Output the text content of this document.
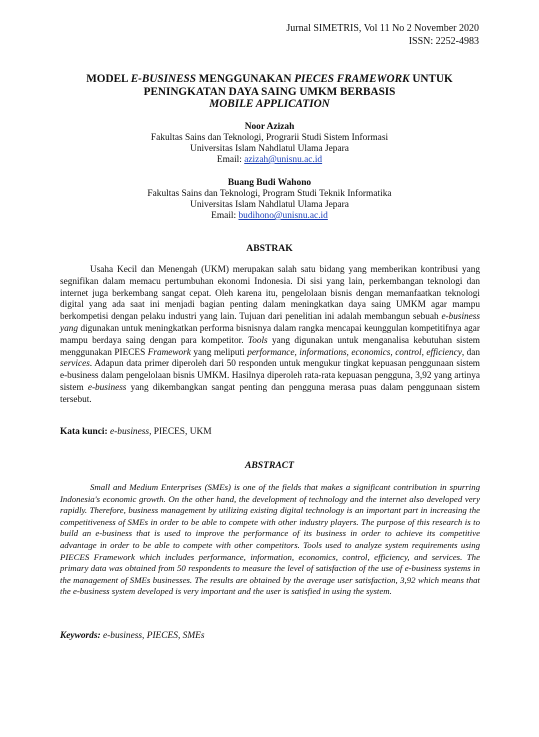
Jurnal SIMETRIS, Vol 11 No 2 November 2020
ISSN: 2252-4983
MODEL E-BUSINESS MENGGUNAKAN PIECES FRAMEWORK UNTUK
PENINGKATAN DAYA SAING UMKM BERBASIS
MOBILE APPLICATION
Noor Azizah
Fakultas Sains dan Teknologi, Prograrii Studi Sistem Informasi
Universitas Islam Nahdlatul Ulama Jepara
Email: azizah@unisnu.ac.id
Buang Budi Wahono
Fakultas Sains dan Teknologi, Program Studi Teknik Informatika
Universitas Islam Nahdlatul Ulama Jepara
Email: budihono@unisnu.ac.id
ABSTRAK
Usaha Kecil dan Menengah (UKM) merupakan salah satu bidang yang memberikan kontribusi yang segnifikan dalam memacu pertumbuhan ekonomi Indonesia. Di sisi yang lain, perkembangan teknologi dan internet juga berkembang sangat cepat. Oleh karena itu, pengelolaan bisnis dengan memanfaatkan teknologi digital yang ada saat ini menjadi bagian penting dalam meningkatkan daya saing UMKM agar mampu berkompetisi dengan pelaku industri yang lain. Tujuan dari penelitian ini adalah membangun sebuah e-business yang digunakan untuk meningkatkan performa bisnisnya dalam rangka mencapai keunggulan kompetitifnya agar mampu berdaya saing dengan para kompetitor. Tools yang digunakan untuk menganalisa kebutuhan sistem menggunakan PIECES Framework yang meliputi performance, informations, economics, control, efficiency, dan services. Adapun data primer diperoleh dari 50 responden untuk mengukur tingkat kepuasan penggunaan sistem e-business dalam pengelolaan bisnis UMKM. Hasilnya diperoleh rata-rata kepuasan pengguna, 3,92 yang artinya sistem e-business yang dikembangkan sangat penting dan pengguna merasa puas dalam penggunaan sistem tersebut.
Kata kunci: e-business, PIECES, UKM
ABSTRACT
Small and Medium Enterprises (SMEs) is one of the fields that makes a significant contribution in spurring Indonesia's economic growth. On the other hand, the development of technology and the internet also developed very rapidly. Therefore, business management by utilizing existing digital technology is an important part in increasing the competitiveness of SMEs in order to be able to compete with other industry players. The purpose of this research is to build an e-business that is used to improve the performance of its business in order to achieve its competitive advantage in order to be able to compete with other competitors. Tools used to analyze system requirements using PIECES Framework which includes performance, information, economics, control, efficiency, and services. The primary data was obtained from 50 respondents to measure the level of satisfaction of the use of e-business systems in the management of SMEs businesses. The results are obtained by the average user satisfaction, 3,92 which means that the e-business system developed is very important and the user is satisfied in using the system.
Keywords: e-business, PIECES, SMEs
